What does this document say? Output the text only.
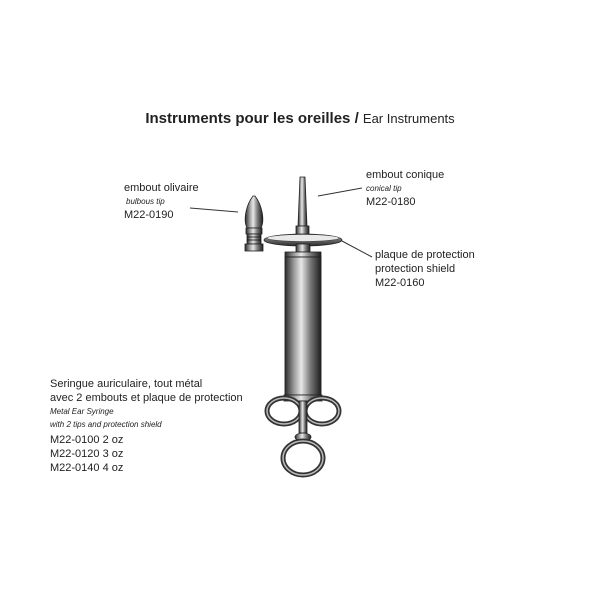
Instruments pour les oreilles / Ear Instruments
embout olivaire
bulbous tip
M22-0190
embout conique
conical tip
M22-0180
plaque de protection
protection shield
M22-0160
Seringue auriculaire, tout métal
avec 2 embouts et plaque de protection
Metal Ear Syringe
with 2 tips and protection shield
M22-0100 2 oz
M22-0120 3 oz
M22-0140 4 oz
